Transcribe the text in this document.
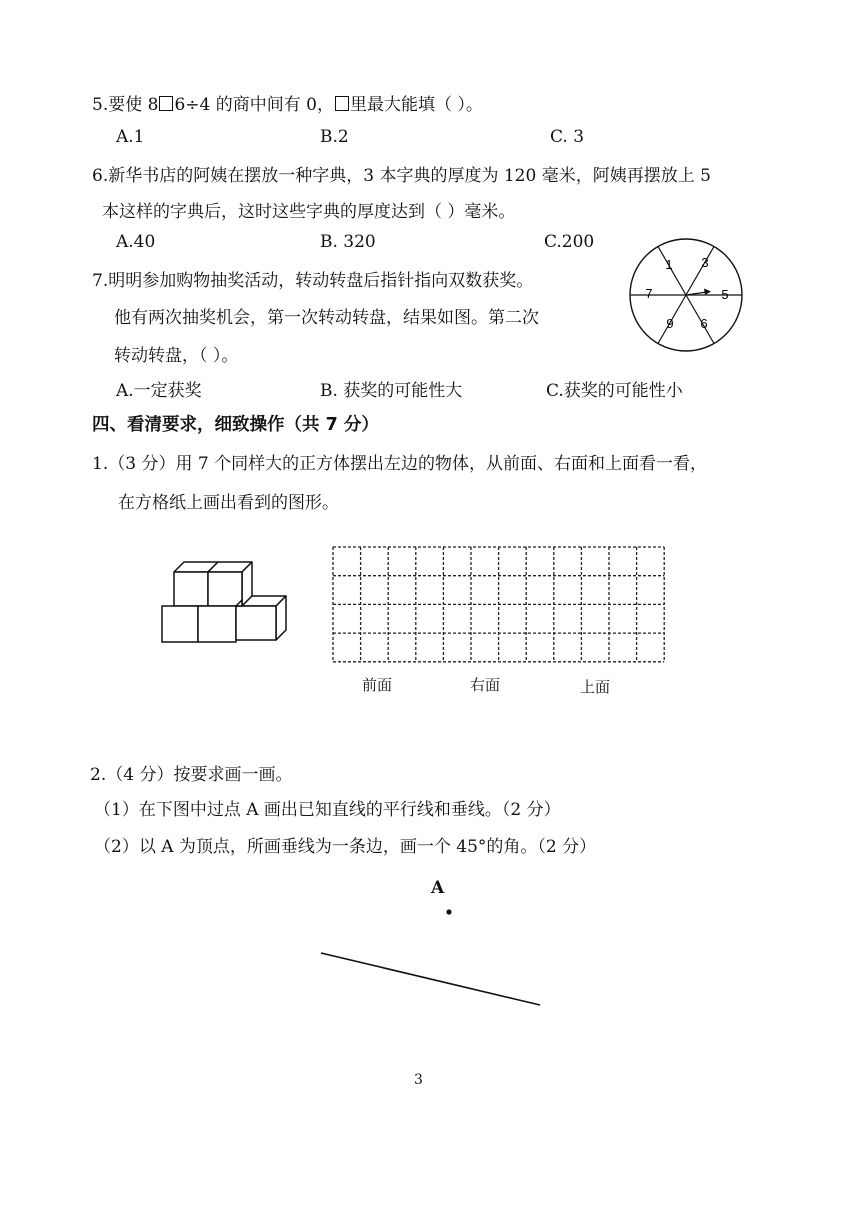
5.要使 8 6÷4 的商中间有 0， 里最大能填（ ）。
A.1	B.2	C. 3
6.新华书店的阿姨在摆放一种字典，3 本字典的厚度为 120 毫米，阿姨再摆放上 5
本这样的字典后，这时这些字典的厚度达到（ ）毫米。
A.40	B. 320	C.200
7.明明参加购物抽奖活动，转动转盘后指针指向双数获奖。
他有两次抽奖机会，第一次转动转盘，结果如图。第二次
转动转盘，（ ）。
A.一定获奖	B. 获奖的可能性大	C.获奖的可能性小
1 3
5
6
9
7
四、看清要求，细致操作（共 7 分）
1.（3 分）用 7 个同样大的正方体摆出左边的物体，从前面、右面和上面看一看，
在方格纸上画出看到的图形。
前面	右面	上面
2.（4 分）按要求画一画。
（1）在下图中过点 A 画出已知直线的平行线和垂线。（2 分）
（2）以 A 为顶点，所画垂线为一条边，画一个 45°的角。（2 分）
A
3
